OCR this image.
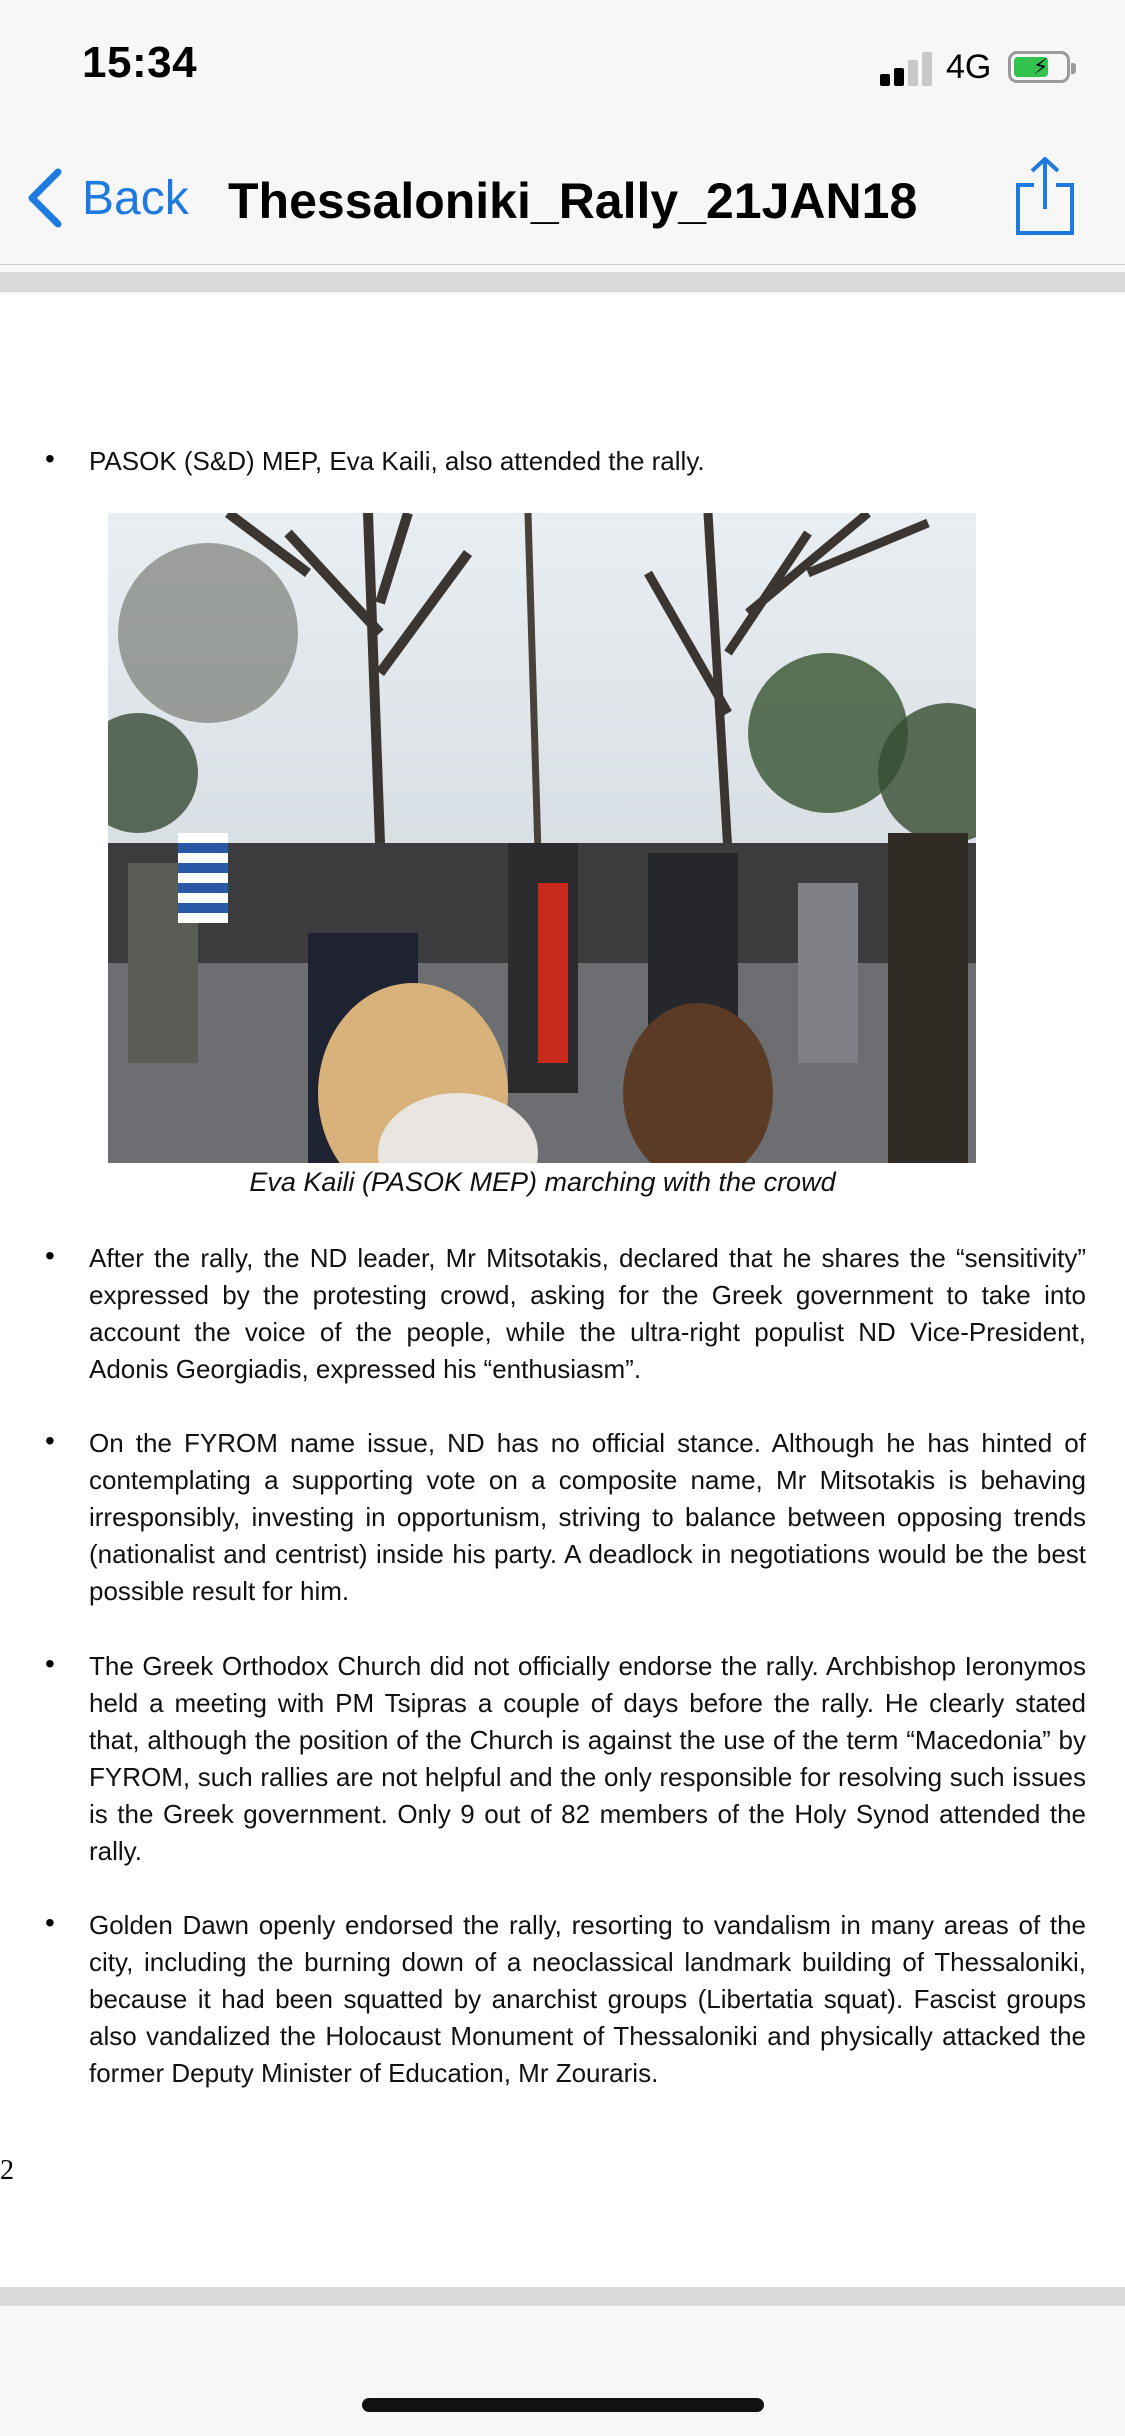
15:34	4G ⚡
Back Thessaloniki_Rally_21JAN18
• PASOK (S&D) MEP, Eva Kaili, also attended the rally.
Eva Kaili (PASOK MEP) marching with the crowd
• After the rally, the ND leader, Mr Mitsotakis, declared that he shares the “sensitivity” expressed by the protesting crowd, asking for the Greek government to take into account the voice of the people, while the ultra-right populist ND Vice-President, Adonis Georgiadis, expressed his “enthusiasm”.
• On the FYROM name issue, ND has no official stance. Although he has hinted of contemplating a supporting vote on a composite name, Mr Mitsotakis is behaving irresponsibly, investing in opportunism, striving to balance between opposing trends (nationalist and centrist) inside his party. A deadlock in negotiations would be the best possible result for him.
• The Greek Orthodox Church did not officially endorse the rally. Archbishop Ieronymos held a meeting with PM Tsipras a couple of days before the rally. He clearly stated that, although the position of the Church is against the use of the term “Macedonia” by FYROM, such rallies are not helpful and the only responsible for resolving such issues is the Greek government. Only 9 out of 82 members of the Holy Synod attended the rally.
• Golden Dawn openly endorsed the rally, resorting to vandalism in many areas of the city, including the burning down of a neoclassical landmark building of Thessaloniki, because it had been squatted by anarchist groups (Libertatia squat). Fascist groups also vandalized the Holocaust Monument of Thessaloniki and physically attacked the former Deputy Minister of Education, Mr Zouraris.
2
